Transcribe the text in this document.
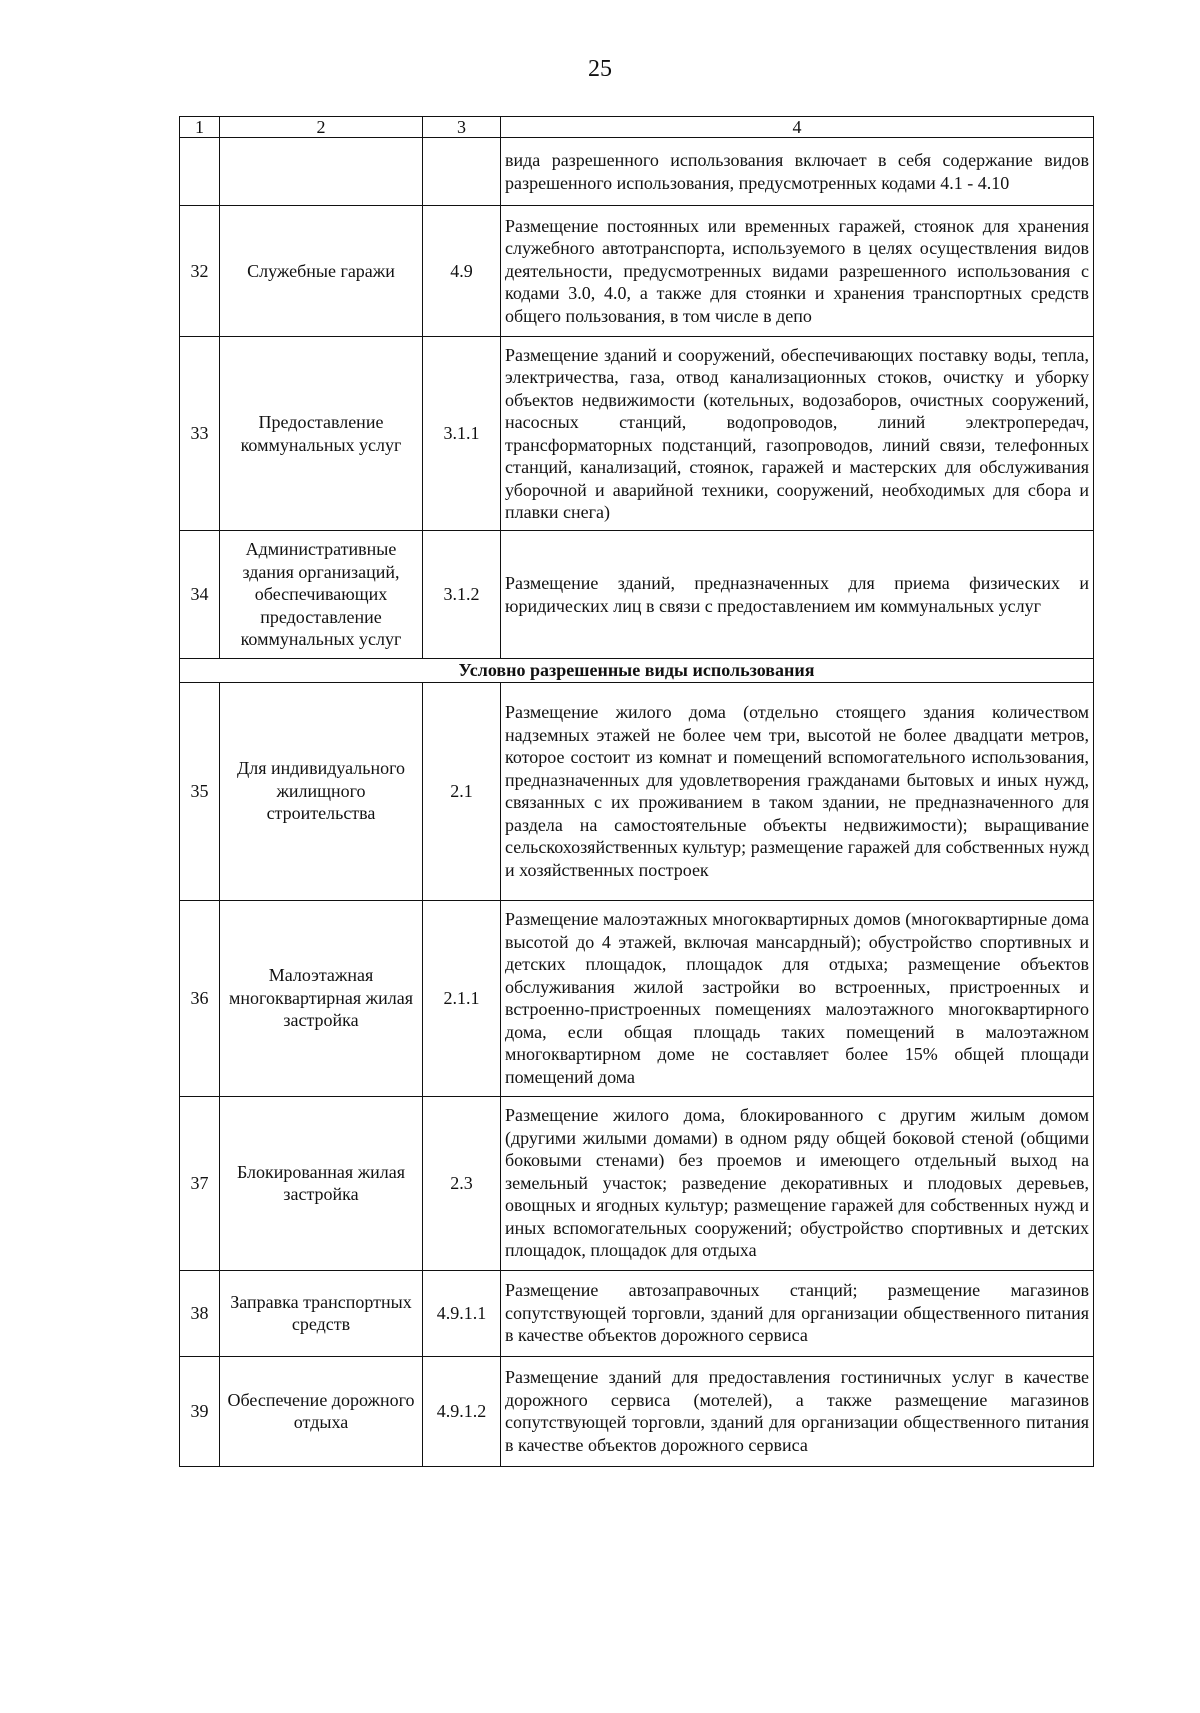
25
1	2	3	4
			вида разрешенного использования включает в себя содержание видов разрешенного использования, предусмотренных кодами 4.1 - 4.10
32	Служебные гаражи	4.9	Размещение постоянных или временных гаражей, стоянок для хранения служебного автотранспорта, используемого в целях осуществления видов деятельности, предусмотренных видами разрешенного использования с кодами 3.0, 4.0, а также для стоянки и хранения транспортных средств общего пользования, в том числе в депо
33	Предоставление коммунальных услуг	3.1.1	Размещение зданий и сооружений, обеспечивающих поставку воды, тепла, электричества, газа, отвод канализационных стоков, очистку и уборку объектов недвижимости (котельных, водозаборов, очистных сооружений, насосных станций, водопроводов, линий электропередач, трансформаторных подстанций, газопроводов, линий связи, телефонных станций, канализаций, стоянок, гаражей и мастерских для обслуживания уборочной и аварийной техники, сооружений, необходимых для сбора и плавки снега)
34	Административные здания организаций, обеспечивающих предоставление коммунальных услуг	3.1.2	Размещение зданий, предназначенных для приема физических и юридических лиц в связи с предоставлением им коммунальных услуг
Условно разрешенные виды использования			
35	Для индивидуального жилищного строительства	2.1	Размещение жилого дома (отдельно стоящего здания количеством надземных этажей не более чем три, высотой не более двадцати метров, которое состоит из комнат и помещений вспомогательного использования, предназначенных для удовлетворения гражданами бытовых и иных нужд, связанных с их проживанием в таком здании, не предназначенного для раздела на самостоятельные объекты недвижимости); выращивание сельскохозяйственных культур; размещение гаражей для собственных нужд и хозяйственных построек
36	Малоэтажная многоквартирная жилая застройка	2.1.1	Размещение малоэтажных многоквартирных домов (многоквартирные дома высотой до 4 этажей, включая мансардный); обустройство спортивных и детских площадок, площадок для отдыха; размещение объектов обслуживания жилой застройки во встроенных, пристроенных и встроенно-пристроенных помещениях малоэтажного многоквартирного дома, если общая площадь таких помещений в малоэтажном многоквартирном доме не составляет более 15% общей площади помещений дома
37	Блокированная жилая застройка	2.3	Размещение жилого дома, блокированного с другим жилым домом (другими жилыми домами) в одном ряду общей боковой стеной (общими боковыми стенами) без проемов и имеющего отдельный выход на земельный участок; разведение декоративных и плодовых деревьев, овощных и ягодных культур; размещение гаражей для собственных нужд и иных вспомогательных сооружений; обустройство спортивных и детских площадок, площадок для отдыха
38	Заправка транспортных средств	4.9.1.1	Размещение автозаправочных станций; размещение магазинов сопутствующей торговли, зданий для организации общественного питания в качестве объектов дорожного сервиса
39	Обеспечение дорожного отдыха	4.9.1.2	Размещение зданий для предоставления гостиничных услуг в качестве дорожного сервиса (мотелей), а также размещение магазинов сопутствующей торговли, зданий для организации общественного питания в качестве объектов дорожного сервиса
